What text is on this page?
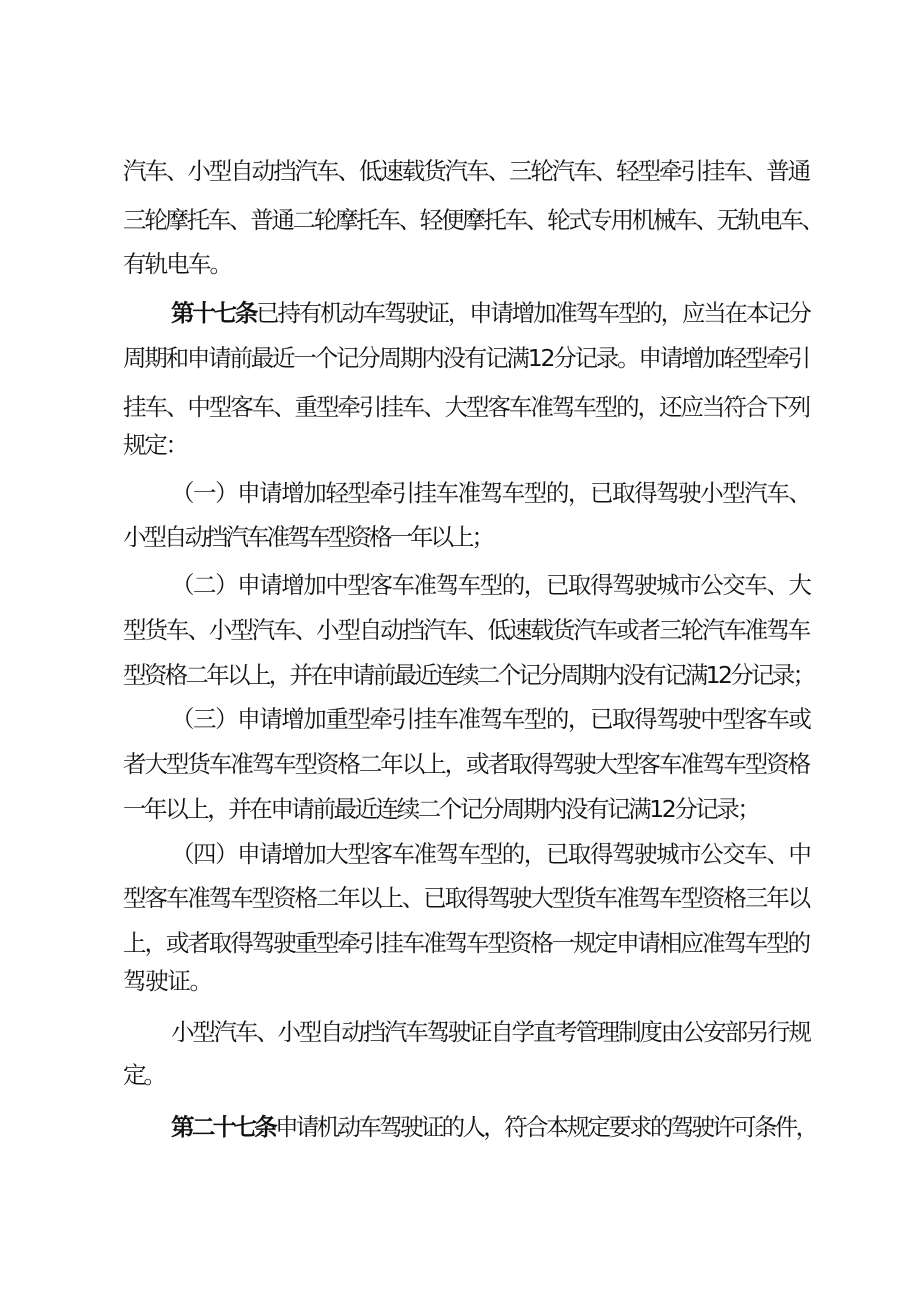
汽车、小型自动挡汽车、低速载货汽车、三轮汽车、轻型牵引挂车、普通
三轮摩托车、普通二轮摩托车、轻便摩托车、轮式专用机械车、无轨电车、
有轨电车。
第十七条已持有机动车驾驶证，申请增加准驾车型的，应当在本记分
周期和申请前最近一个记分周期内没有记满12分记录。申请增加轻型牵引
挂车、中型客车、重型牵引挂车、大型客车准驾车型的，还应当符合下列
规定：
（一）申请增加轻型牵引挂车准驾车型的，已取得驾驶小型汽车、
小型自动挡汽车准驾车型资格一年以上；
（二）申请增加中型客车准驾车型的，已取得驾驶城市公交车、大
型货车、小型汽车、小型自动挡汽车、低速载货汽车或者三轮汽车准驾车
型资格二年以上，并在申请前最近连续二个记分周期内没有记满12分记录；
（三）申请增加重型牵引挂车准驾车型的，已取得驾驶中型客车或
者大型货车准驾车型资格二年以上，或者取得驾驶大型客车准驾车型资格
一年以上，并在申请前最近连续二个记分周期内没有记满12分记录；
（四）申请增加大型客车准驾车型的，已取得驾驶城市公交车、中
型客车准驾车型资格二年以上、已取得驾驶大型货车准驾车型资格三年以
上，或者取得驾驶重型牵引挂车准驾车型资格一规定申请相应准驾车型的
驾驶证。
小型汽车、小型自动挡汽车驾驶证自学直考管理制度由公安部另行规
定。
第二十七条申请机动车驾驶证的人，符合本规定要求的驾驶许可条件，
